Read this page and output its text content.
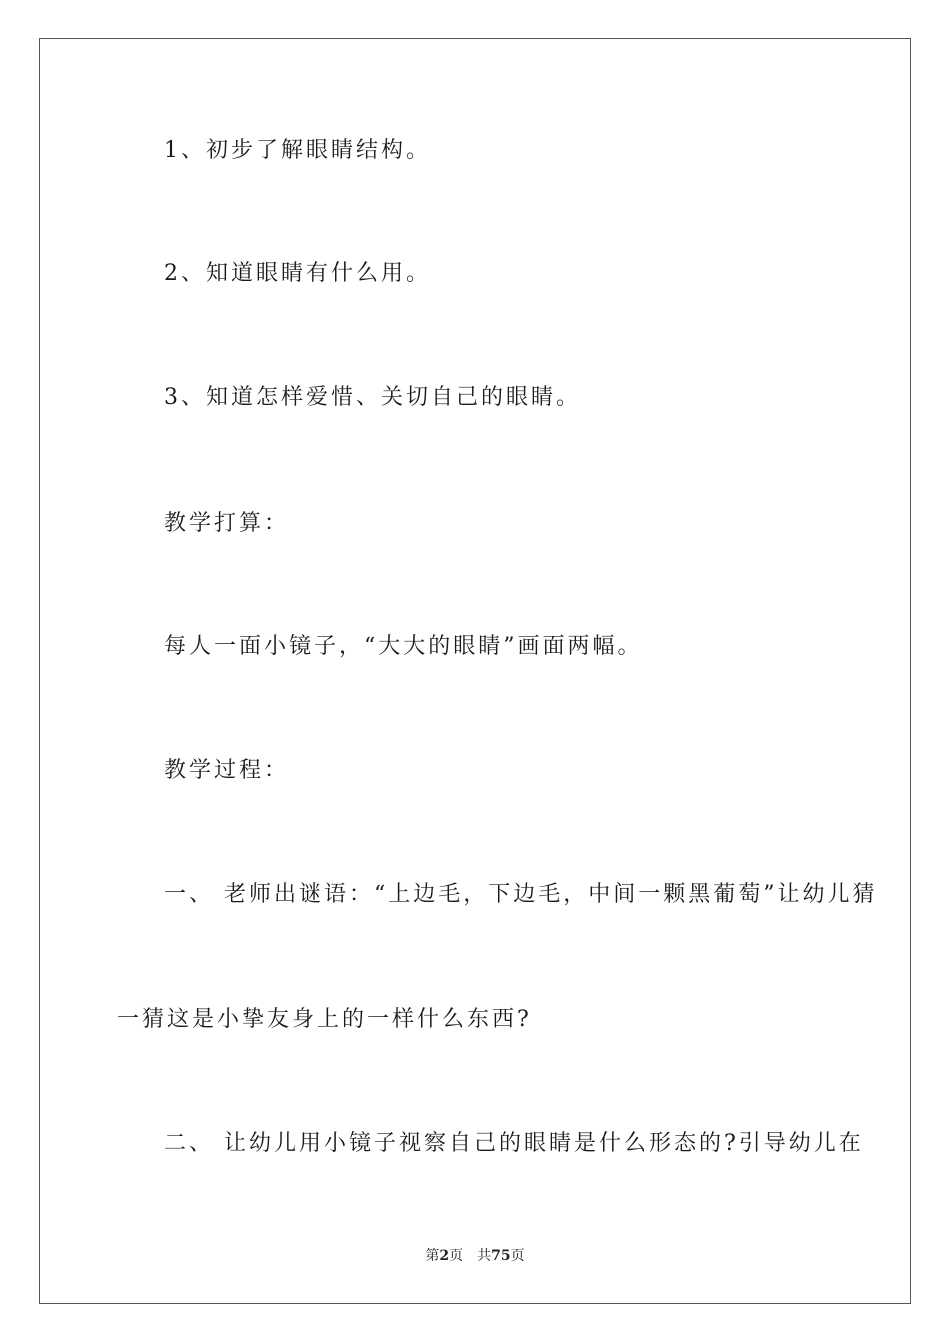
1、初步了解眼睛结构。
2、知道眼睛有什么用。
3、知道怎样爱惜、关切自己的眼睛。
教学打算：
每人一面小镜子，“大大的眼睛”画面两幅。
教学过程：
一、 老师出谜语：“上边毛，下边毛，中间一颗黑葡萄”让幼儿猜
一猜这是小挚友身上的一样什么东西?
二、 让幼儿用小镜子视察自己的眼睛是什么形态的?引导幼儿在
第2页 共75页
